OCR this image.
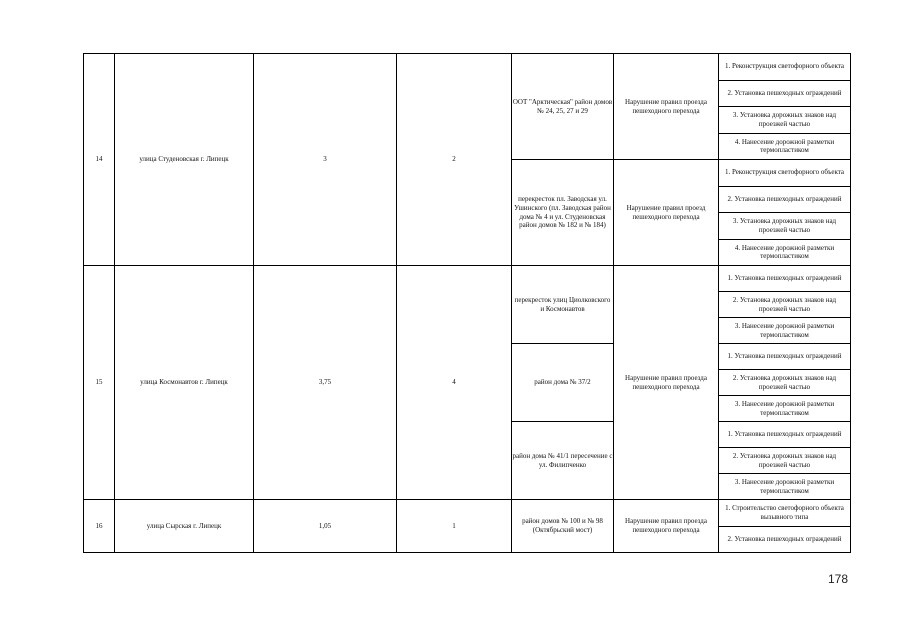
14	улица Студеновская г. Липецк	3	2	ООТ "Арктическая" район домов № 24, 25, 27 и 29	Нарушение правил проезда пешеходного перехода	1. Реконструкция светофорного объекта
						2. Установка пешеходных ограждений
						3. Установка дорожных знаков над проезжей частью
						4. Нанесение дорожной разметки термопластиком
				перекресток пл. Заводская ул. Ушинского (пл. Заводская район дома № 4 и ул. Студеновская район домов № 182 и № 184)	Нарушение правил проезд пешеходного перехода	1. Реконструкция светофорного объекта
						2. Установка пешеходных ограждений
						3. Установка дорожных знаков над проезжей частью
						4. Нанесение дорожной разметки термопластиком
15	улица Космонавтов г. Липецк	3,75	4	перекресток улиц Циолковского и Космонавтов	Нарушение правил проезда пешеходного перехода	1. Установка пешеходных ограждений
						2. Установка дорожных знаков над проезжей частью
						3. Нанесение дорожной разметки термопластиком
				район дома № 37/2		1. Установка пешеходных ограждений
						2. Установка дорожных знаков над проезжей частью
						3. Нанесение дорожной разметки термопластиком
				район дома № 41/1 пересечение с ул. Филипченко		1. Установка пешеходных ограждений
						2. Установка дорожных знаков над проезжей частью
						3. Нанесение дорожной разметки термопластиком
16	улица Сырская г. Липецк	1,05	1	район домов № 100 и № 98 (Октябрьский мост)	Нарушение правил проезда пешеходного перехода	1. Строительство светофорного объекта вызывного типа
						2. Установка пешеходных ограждений
178
